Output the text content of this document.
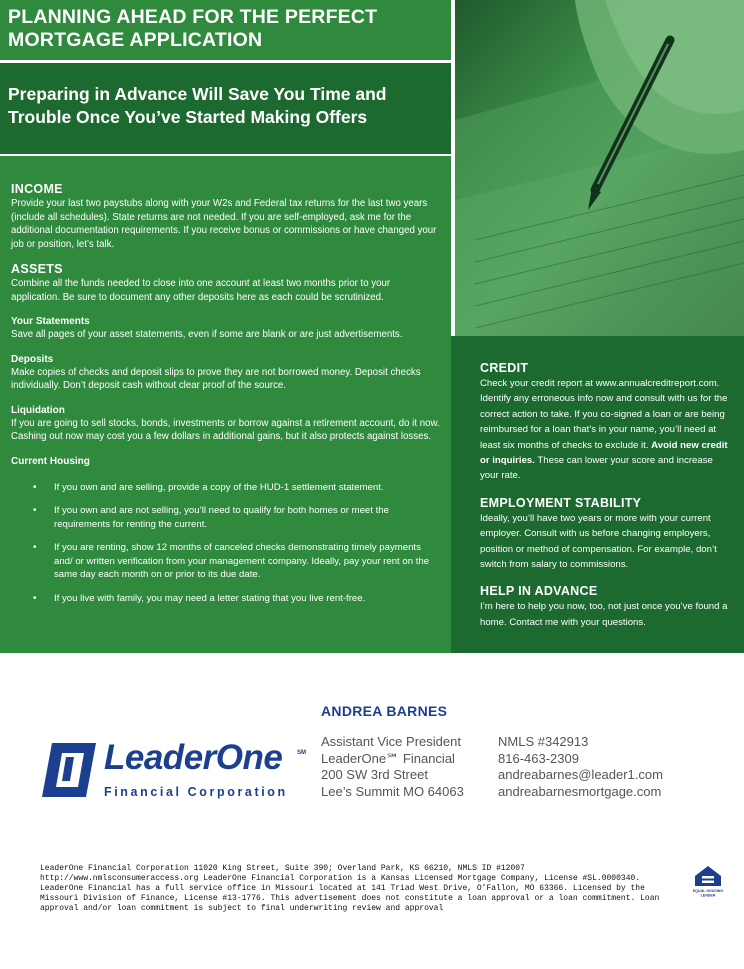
PLANNING AHEAD FOR THE PERFECT
MORTGAGE APPLICATION
Preparing in Advance Will Save You Time and
Trouble Once You’ve Started Making Offers
INCOME
Provide your last two paystubs along with your W2s and Federal tax returns for the last two years (include all schedules). State returns are not needed. If you are self-employed, ask me for the additional documentation requirements. If you receive bonus or commissions or have changed your job or position, let’s talk.
ASSETS
Combine all the funds needed to close into one account at least two months prior to your application. Be sure to document any other deposits here as each could be scrutinized.
Your Statements
Save all pages of your asset statements, even if some are blank or are just advertisements.
Deposits
Make copies of checks and deposit slips to prove they are not borrowed money. Deposit checks individually. Don’t deposit cash without clear proof of the source.
Liquidation
If you are going to sell stocks, bonds, investments or borrow against a retirement account, do it now. Cashing out now may cost you a few dollars in additional gains, but it also protects against losses.
Current Housing
• If you own and are selling, provide a copy of the HUD-1 settlement statement.
• If you own and are not selling, you’ll need to qualify for both homes or meet the requirements for renting the current.
• If you are renting, show 12 months of canceled checks demonstrating timely payments and/ or written verification from your management company. Ideally, pay your rent on the same day each month on or prior to its due date.
• If you live with family, you may need a letter stating that you live rent-free.
CREDIT
Check your credit report at www.annualcreditreport.com. Identify any erroneous info now and consult with us for the correct action to take. If you co-signed a loan or are being reimbursed for a loan that’s in your name, you’ll need at least six months of checks to exclude it. Avoid new credit or inquiries. These can lower your score and increase your rate.
EMPLOYMENT STABILITY
Ideally, you’ll have two years or more with your current employer. Consult with us before changing employers, position or method of compensation. For example, don’t switch from salary to commissions.
HELP IN ADVANCE
I’m here to help you now, too, not just once you’ve found a home. Contact me with your questions.
LeaderOne SM
Financial Corporation
ANDREA BARNES
Assistant Vice President
LeaderOne℠ Financial
200 SW 3rd Street
Lee’s Summit MO 64063
NMLS #342913
816-463-2309
andreabarnes@leader1.com
andreabarnesmortgage.com
LeaderOne Financial Corporation 11020 King Street, Suite 390; Overland Park, KS 66210, NMLS ID #12007 http://www.nmlsconsumeraccess.org LeaderOne Financial Corporation is a Kansas Licensed Mortgage Company, License #SL.0000340. LeaderOne Financial has a full service office in Missouri located at 141 Triad West Drive, O’Fallon, MO 63366. Licensed by the Missouri Division of Finance, License #13-1776. This advertisement does not constitute a loan approval or a loan commitment. Loan approval and/or loan commitment is subject to final underwriting review and approval
EQUAL HOUSING
LENDER
